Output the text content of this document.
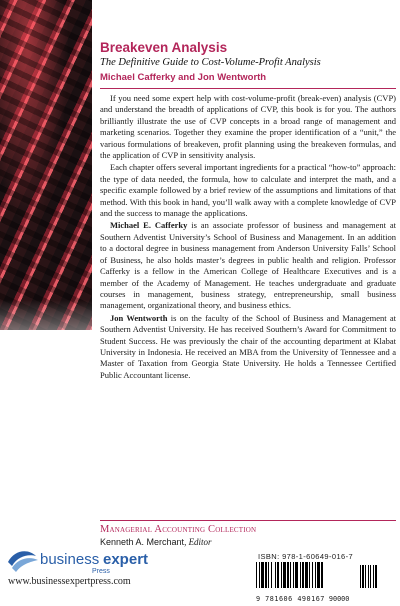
Breakeven Analysis
The Definitive Guide to Cost-Volume-Profit Analysis
Michael Cafferky and Jon Wentworth

If you need some expert help with cost-volume-profit (break-even) analysis (CVP) and understand the breadth of applications of CVP, this book is for you. The authors brilliantly illustrate the use of CVP concepts in a broad range of management and marketing scenarios. Together they examine the proper identification of a “unit,” the various formulations of breakeven, profit planning using the breakeven formulas, and the application of CVP in sensitivity analysis.

Each chapter offers several important ingredients for a practical “how-to” approach: the type of data needed, the formula, how to calculate and interpret the math, and a specific example followed by a brief review of the assumptions and limitations of that method. With this book in hand, you’ll walk away with a complete knowledge of CVP and the success to manage the applications.

Michael E. Cafferky is an associate professor of business and management at Southern Adventist University’s School of Business and Management. In an addition to a doctoral degree in business management from Anderson University Falls’ School of Business, he also holds master’s degrees in public health and religion. Professor Cafferky is a fellow in the American College of Healthcare Executives and is a member of the Academy of Management. He teaches undergraduate and graduate courses in management, business strategy, entrepreneurship, small business management, organizational theory, and business ethics.

Jon Wentworth is on the faculty of the School of Business and Management at Southern Adventist University. He has received Southern’s Award for Commitment to Student Success. He was previously the chair of the accounting department at Klabat University in Indonesia. He received an MBA from the University of Tennessee and a Master of Taxation from Georgia State University. He holds a Tennessee Certified Public Accountant license.

Managerial Accounting Collection
Kenneth A. Merchant, Editor
business expert
Press
www.businessexpertpress.com
ISBN: 978-1-60649-016-7
9 781606 490167 90000
